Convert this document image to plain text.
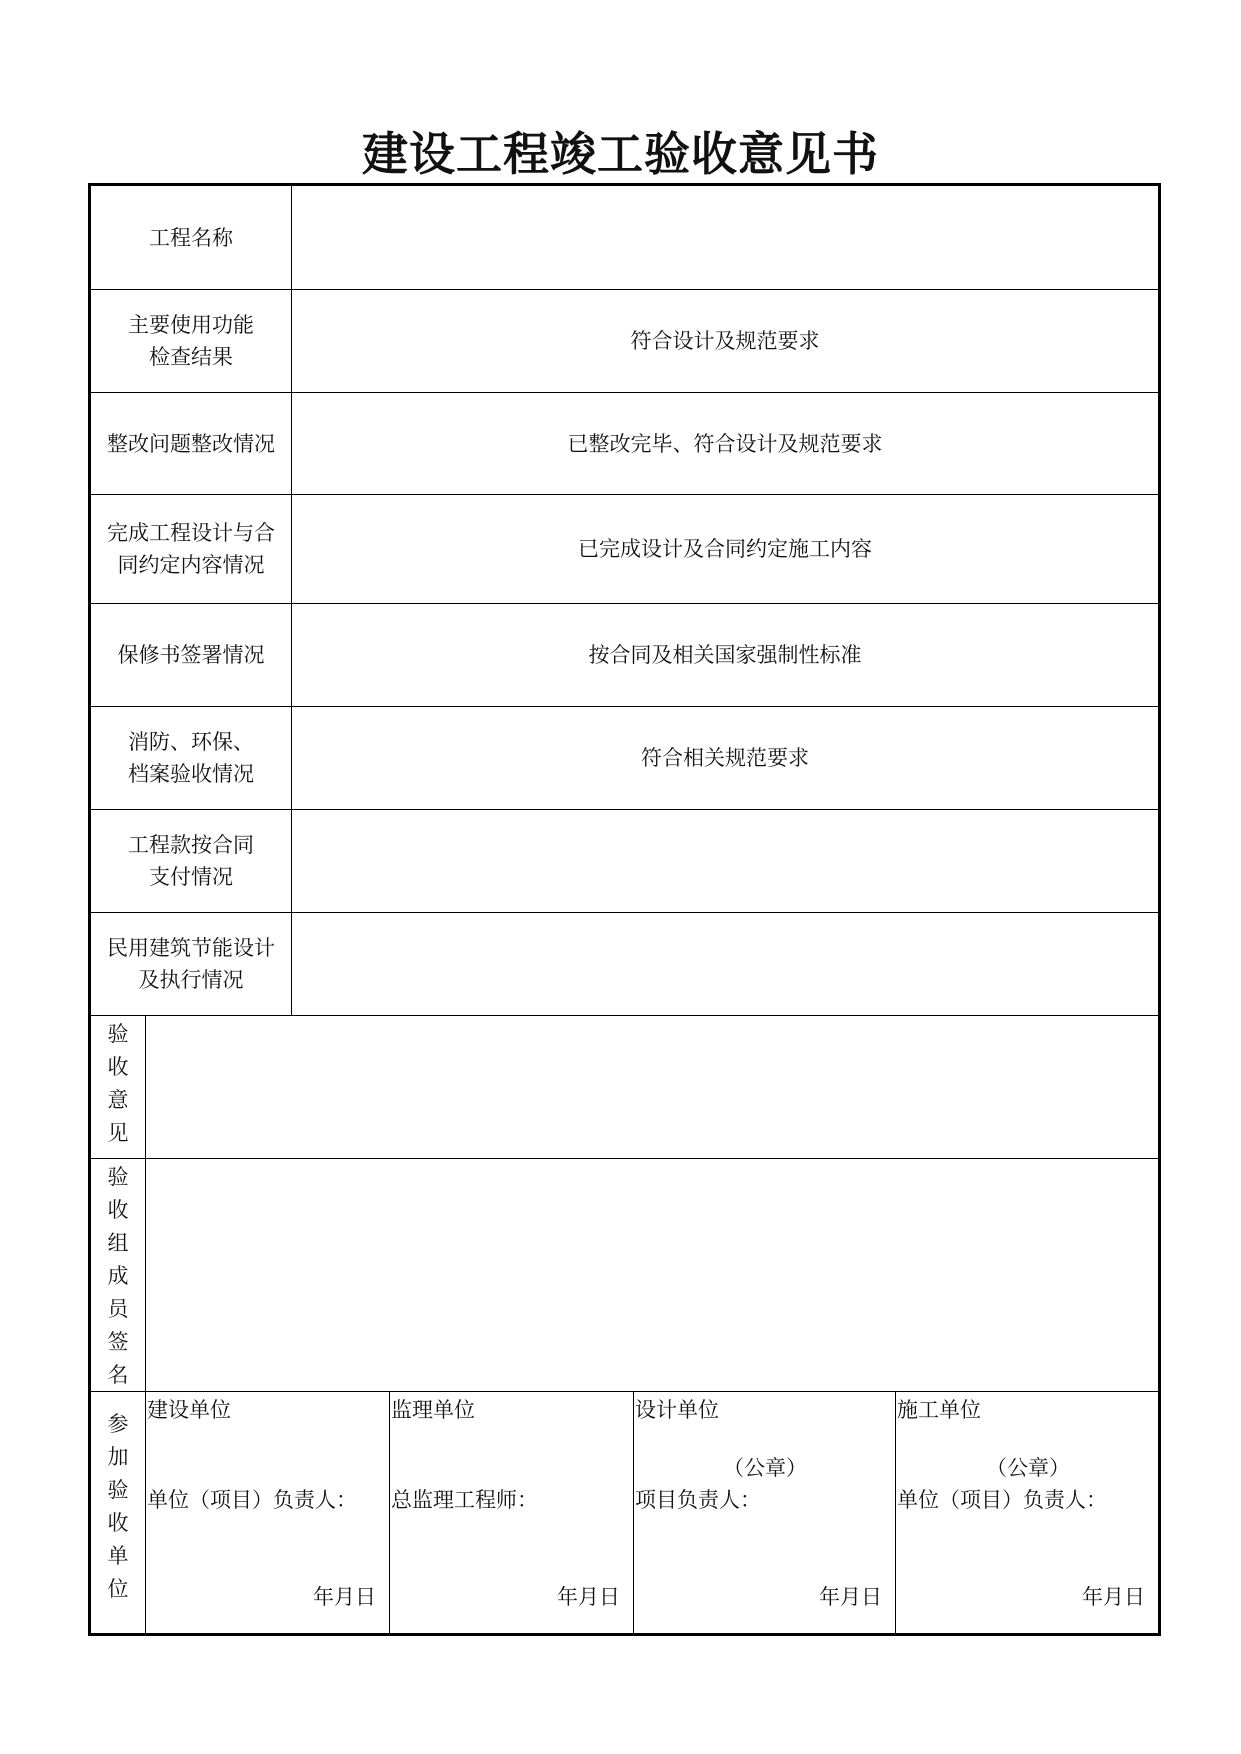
建设工程竣工验收意见书
工程名称
主要使用功能
检查结果
符合设计及规范要求
整改问题整改情况	已整改完毕、符合设计及规范要求
完成工程设计与合
同约定内容情况
已完成设计及合同约定施工内容
保修书签署情况	按合同及相关国家强制性标准
消防、环保、
档案验收情况
符合相关规范要求
工程款按合同
支付情况
民用建筑节能设计
及执行情况
验
收
意
见
验
收
组
成
员
签
名
参
加
验
收
单
位
建设单位
单位（项目）负责人：
年月日
监理单位
总监理工程师：
年月日
设计单位
（公章）
项目负责人：
年月日
施工单位
（公章）
单位（项目）负责人：
年月日
